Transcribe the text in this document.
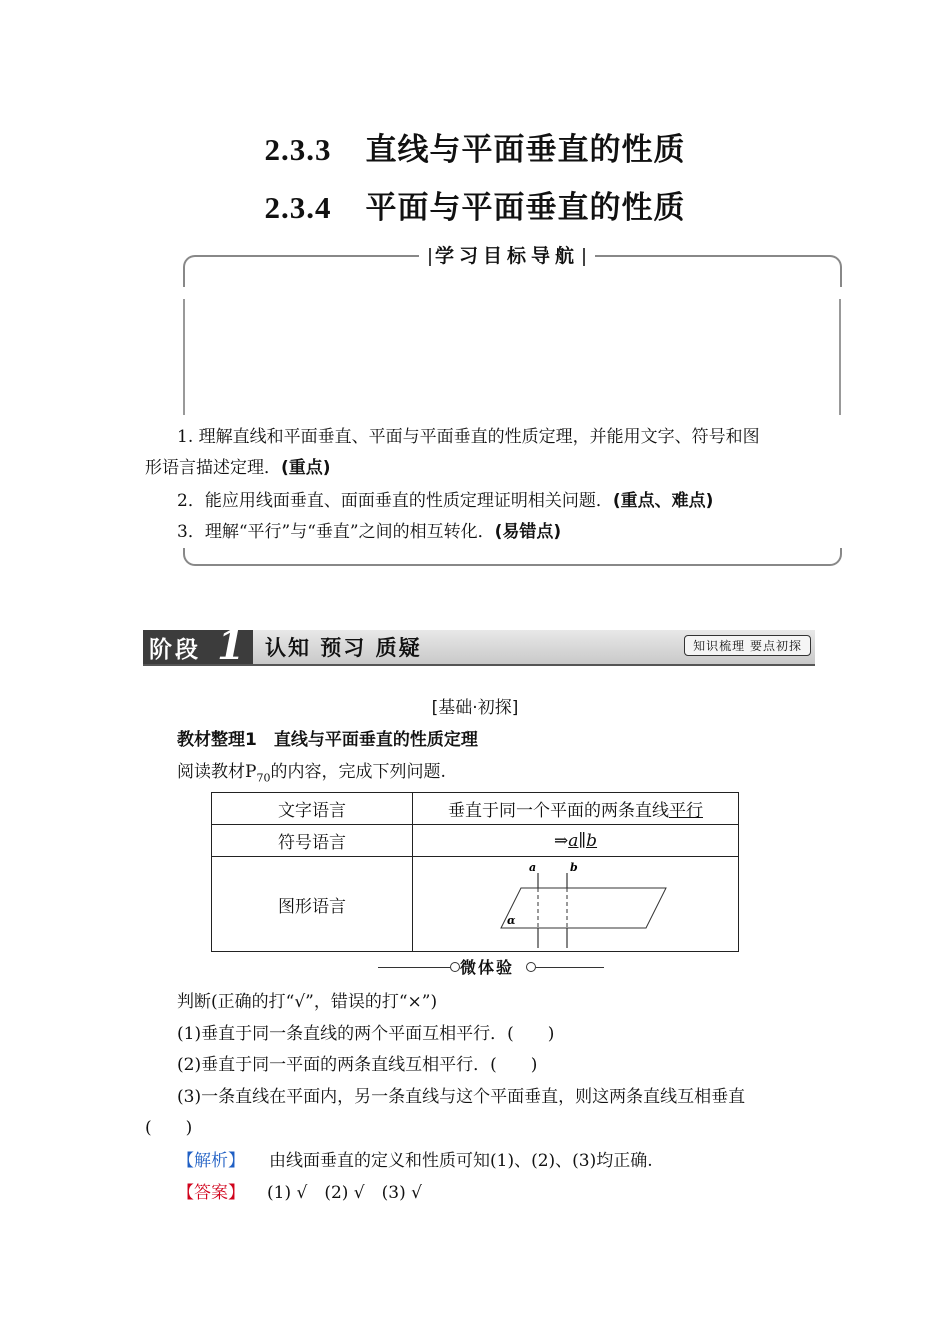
2.3.3 直线与平面垂直的性质
2.3.4 平面与平面垂直的性质
学习目标导航
1. 理解直线和平面垂直、平面与平面垂直的性质定理，并能用文字、符号和图
形语言描述定理．(重点)
2．能应用线面垂直、面面垂直的性质定理证明相关问题．(重点、难点)
3．理解“平行”与“垂直”之间的相互转化．(易错点)
阶段 1 认知 预习 质疑	知识梳理 要点初探
[基础·初探]
教材整理1　直线与平面垂直的性质定理
阅读教材$P_{70}$的内容，完成下列问题.
文字语言	垂直于同一个平面的两条直线平行
符号语言	⇒a∥b
图形语言	a b
α
微体验
判断(正确的打“√”，错误的打“×”)
(1)垂直于同一条直线的两个平面互相平行．(　　)
(2)垂直于同一平面的两条直线互相平行．(　　)
(3)一条直线在平面内，另一条直线与这个平面垂直，则这两条直线互相垂直
(　　)
【解析】 由线面垂直的定义和性质可知(1)、(2)、(3)均正确.
【答案】 (1) √　(2) √　(3) √
